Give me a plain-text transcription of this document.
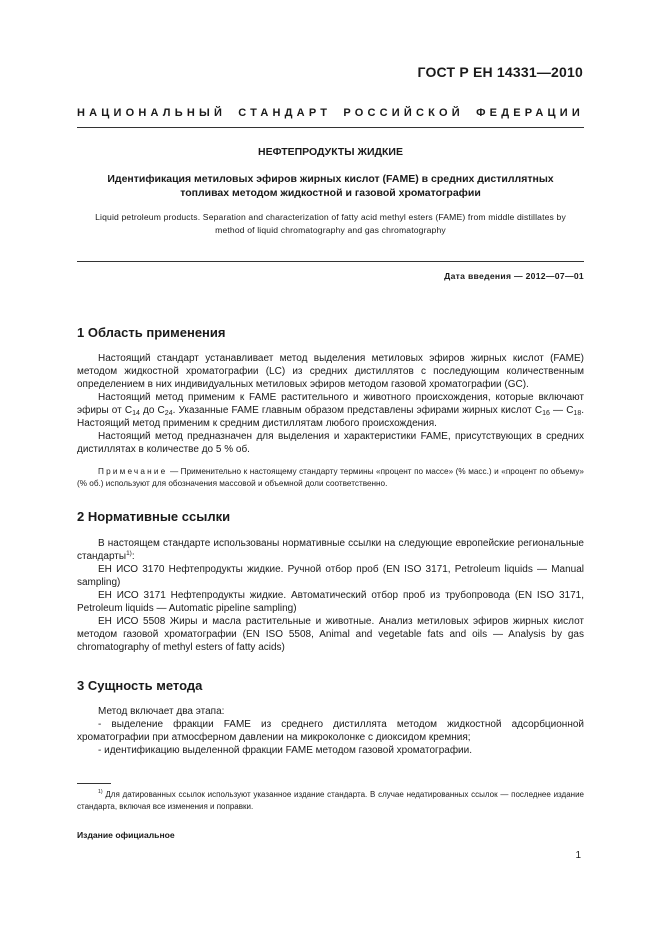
ГОСТ Р ЕН 14331—2010
НАЦИОНАЛЬНЫЙ СТАНДАРТ РОССИЙСКОЙ ФЕДЕРАЦИИ
НЕФТЕПРОДУКТЫ ЖИДКИЕ
Идентификация метиловых эфиров жирных кислот (FAME) в средних дистиллятных
топливах методом жидкостной и газовой хроматографии
Liquid petroleum products. Separation and characterization of fatty acid methyl esters (FAME) from middle distillates by
method of liquid chromatography and gas chromatography
Дата введения — 2012—07—01
1 Область применения

Настоящий стандарт устанавливает метод выделения метиловых эфиров жирных кислот (FAME) методом жидкостной хроматографии (LC) из средних дистиллятов с последующим количественным определением в них индивидуальных метиловых эфиров методом газовой хроматографии (GC).

Настоящий метод применим к FAME растительного и животного происхождения, которые включают эфиры от $C_{14}$ до $C_{24}$. Указанные FAME главным образом представлены эфирами жирных кислот $C_{16}$ — $C_{18}$. Настоящий метод применим к средним дистиллятам любого происхождения.

Настоящий метод предназначен для выделения и характеристики FAME, присутствующих в средних дистиллятах в количестве до 5 % об.

Примечание — Применительно к настоящему стандарту термины «процент по массе» (% масс.) и «процент по объему» (% об.) используют для обозначения массовой и объемной доли соответственно.
2 Нормативные ссылки

В настоящем стандарте использованы нормативные ссылки на следующие европейские региональные стандарты$^{1)}$:

ЕН ИСО 3170 Нефтепродукты жидкие. Ручной отбор проб (EN ISO 3171, Petroleum liquids — Manual sampling)

ЕН ИСО 3171 Нефтепродукты жидкие. Автоматический отбор проб из трубопровода (EN ISO 3171, Petroleum liquids — Automatic pipeline sampling)

ЕН ИСО 5508 Жиры и масла растительные и животные. Анализ метиловых эфиров жирных кислот методом газовой хроматографии (EN ISO 5508, Animal and vegetable fats and oils — Analysis by gas chromatography of methyl esters of fatty acids)

3 Сущность метода

Метод включает два этапа:

- выделение фракции FAME из среднего дистиллята методом жидкостной адсорбционной хроматографии при атмосферном давлении на микроколонке с диоксидом кремния;

- идентификацию выделенной фракции FAME методом газовой хроматографии.

$^{1)}$ Для датированных ссылок используют указанное издание стандарта. В случае недатированных ссылок — последнее издание стандарта, включая все изменения и поправки.
Издание официальное
1
